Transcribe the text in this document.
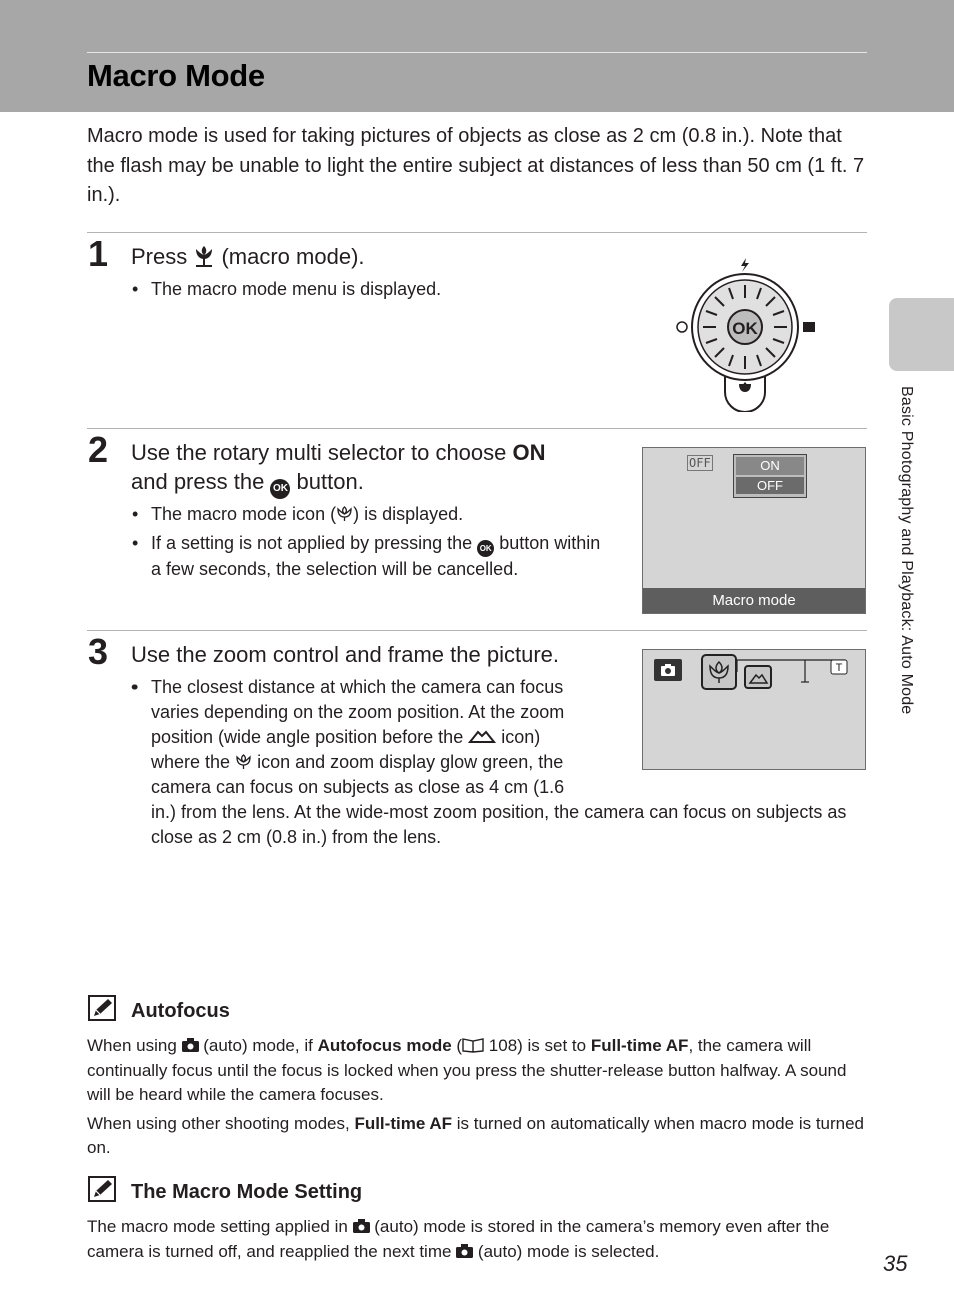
Macro Mode
Macro mode is used for taking pictures of objects as close as 2 cm (0.8 in.). Note that the flash may be unable to light the entire subject at distances of less than 50 cm (1 ft. 7 in.).
1 Press  (macro mode).
• The macro mode menu is displayed.
OK
2 Use the rotary multi selector to choose ON
and press the OK button.
• The macro mode icon ( ) is displayed.
• If a setting is not applied by pressing the OK button within a few seconds, the selection will be cancelled.
OFF	ON
OFF
Macro mode
3 Use the zoom control and frame the picture.
The closest distance at which the camera can focus varies depending on the zoom position. At the zoom position (wide angle position before the  icon) where the  icon and zoom display glow green, the camera can focus on subjects as close as 4 cm (1.6 in.) from the lens. At the wide-most zoom position, the camera can focus on subjects as close as 2 cm (0.8 in.) from the lens.
•
T	Basic Photography and Playback: Auto Mode
Autofocus

When using  (auto) mode, if Autofocus mode ( 108) is set to Full-time AF, the camera will continually focus until the focus is locked when you press the shutter-release button halfway. A sound will be heard while the camera focuses.

When using other shooting modes, Full-time AF is turned on automatically when macro mode is turned on.

The Macro Mode Setting

The macro mode setting applied in  (auto) mode is stored in the camera’s memory even after the camera is turned off, and reapplied the next time  (auto) mode is selected.	35
